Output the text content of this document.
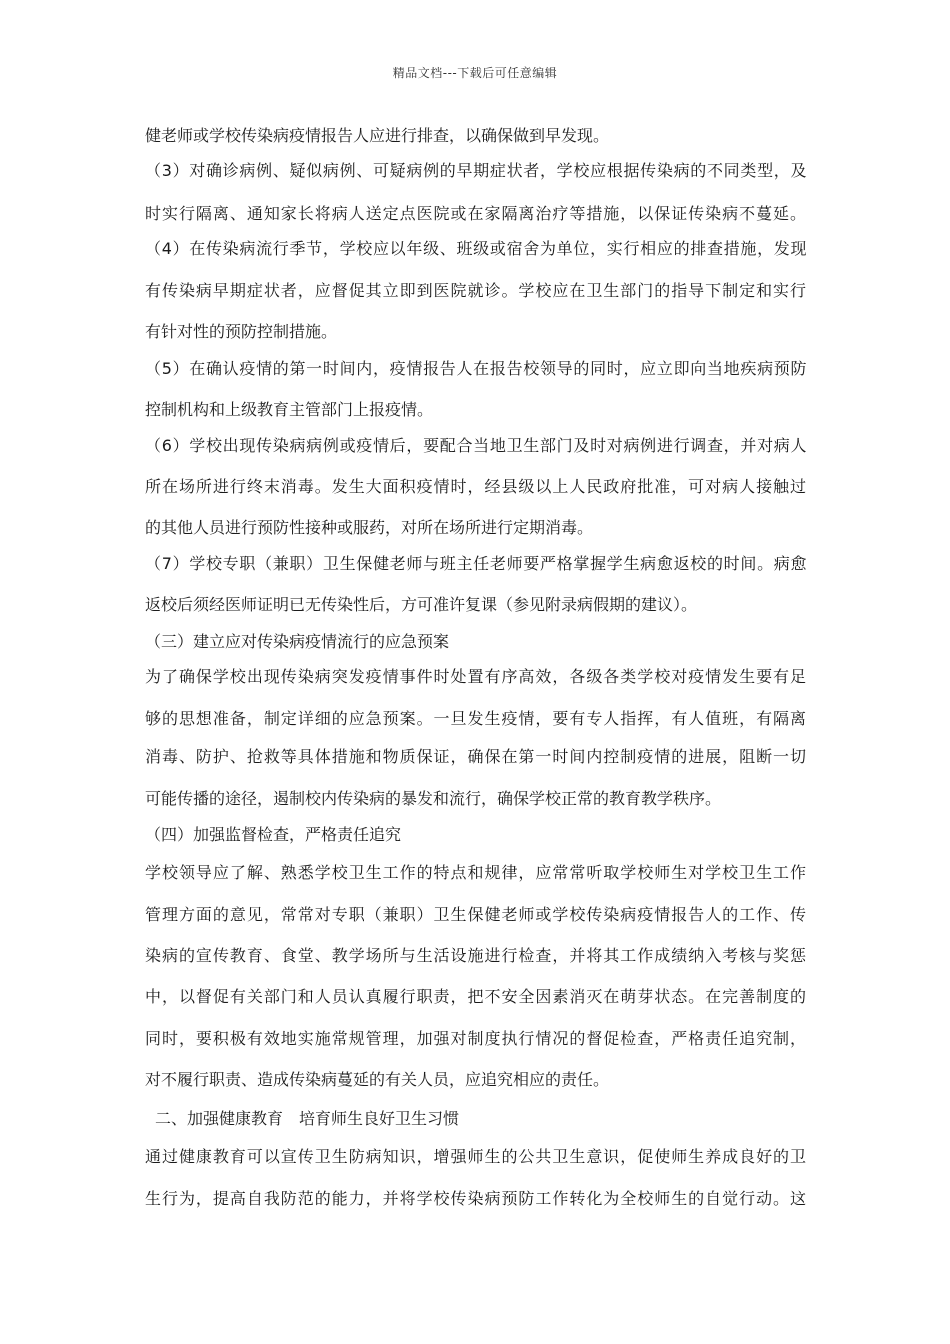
精品文档---下载后可任意编辑
健老师或学校传染病疫情报告人应进行排查，以确保做到早发现。
（3）对确诊病例、疑似病例、可疑病例的早期症状者，学校应根据传染病的不同类型，及
时实行隔离、通知家长将病人送定点医院或在家隔离治疗等措施，以保证传染病不蔓延。
（4）在传染病流行季节，学校应以年级、班级或宿舍为单位，实行相应的排查措施，发现
有传染病早期症状者，应督促其立即到医院就诊。学校应在卫生部门的指导下制定和实行
有针对性的预防控制措施。
（5）在确认疫情的第一时间内，疫情报告人在报告校领导的同时，应立即向当地疾病预防
控制机构和上级教育主管部门上报疫情。
（6）学校出现传染病病例或疫情后，要配合当地卫生部门及时对病例进行调查，并对病人
所在场所进行终末消毒。发生大面积疫情时，经县级以上人民政府批准，可对病人接触过
的其他人员进行预防性接种或服药，对所在场所进行定期消毒。
（7）学校专职（兼职）卫生保健老师与班主任老师要严格掌握学生病愈返校的时间。病愈
返校后须经医师证明已无传染性后，方可准许复课（参见附录病假期的建议）。
（三）建立应对传染病疫情流行的应急预案
为了确保学校出现传染病突发疫情事件时处置有序高效，各级各类学校对疫情发生要有足
够的思想准备，制定详细的应急预案。一旦发生疫情，要有专人指挥，有人值班，有隔离
消毒、防护、抢救等具体措施和物质保证，确保在第一时间内控制疫情的进展，阻断一切
可能传播的途径，遏制校内传染病的暴发和流行，确保学校正常的教育教学秩序。
（四）加强监督检查，严格责任追究
学校领导应了解、熟悉学校卫生工作的特点和规律，应常常听取学校师生对学校卫生工作
管理方面的意见，常常对专职（兼职）卫生保健老师或学校传染病疫情报告人的工作、传
染病的宣传教育、食堂、教学场所与生活设施进行检查，并将其工作成绩纳入考核与奖惩
中，以督促有关部门和人员认真履行职责，把不安全因素消灭在萌芽状态。在完善制度的
同时，要积极有效地实施常规管理，加强对制度执行情况的督促检查，严格责任追究制，
对不履行职责、造成传染病蔓延的有关人员，应追究相应的责任。
二、加强健康教育　培育师生良好卫生习惯
通过健康教育可以宣传卫生防病知识，增强师生的公共卫生意识，促使师生养成良好的卫
生行为，提高自我防范的能力，并将学校传染病预防工作转化为全校师生的自觉行动。这
